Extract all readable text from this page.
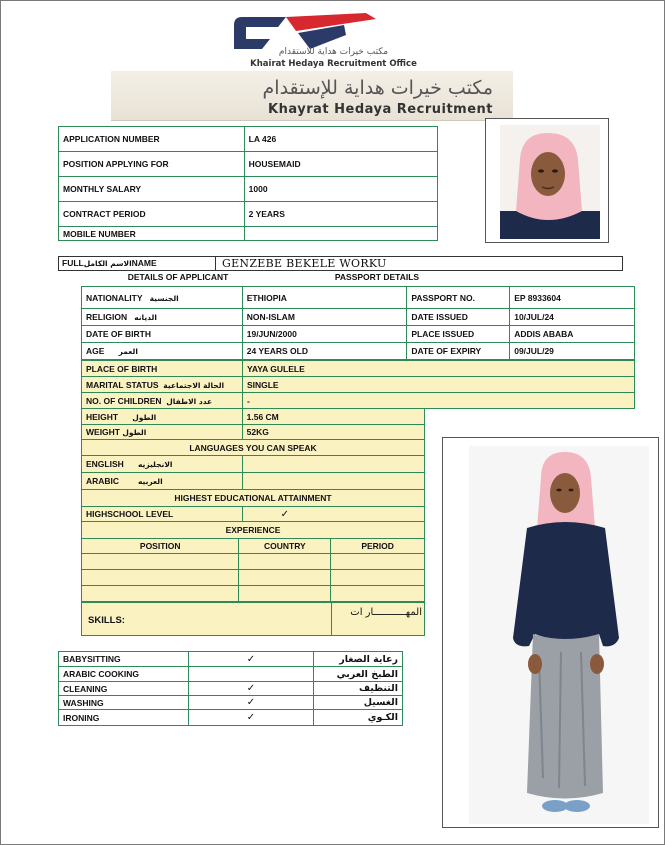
مكتب خيرات هداية للاستقدام
Khairat Hedaya Recruitment Office
مكتب خيرات هداية للإستقدام
Khayrat Hedaya Recruitment
APPLICATION NUMBER	LA 426
POSITION APPLYING FOR	HOUSEMAID
MONTHLY SALARY	1000
CONTRACT PERIOD	2 YEARS
MOBILE NUMBER	
FULLالاسم الكاملNAME	GENZEBE BEKELE WORKU
DETAILS OF APPLICANT	PASSPORT DETAILS
NATIONALITY الجنسية	ETHIOPIA	PASSPORT NO.	EP 8933604
RELIGION الديانه	NON-ISLAM	DATE ISSUED	10/JUL/24
DATE OF BIRTH	19/JUN/2000	PLACE ISSUED	ADDIS ABABA
AGE العمر	24 YEARS OLD	DATE OF EXPIRY	09/JUL/29
PLACE OF BIRTH	YAYA GULELE
MARITAL STATUS الحالة الاجتماعية	SINGLE
NO. OF CHILDREN عدد الاطفال	-
HEIGHT الطول	1.56 CM
WEIGHT الطول	52KG
LANGUAGES YOU CAN SPEAK	
ENGLISH الانجليزيه	
ARABIC العربيه	
HIGHEST EDUCATIONAL ATTAINMENT	
HIGHSCHOOL LEVEL	✓
EXPERIENCE	
POSITION	COUNTRY	PERIOD

SKILLS:
المهـــــــــــار ات
BABYSITTING	✓	رعاية الصغار
ARABIC COOKING		الطبخ العربي
CLEANING	✓	التنظيف
WASHING	✓	الغسيل
IRONING	✓	الكـوي
